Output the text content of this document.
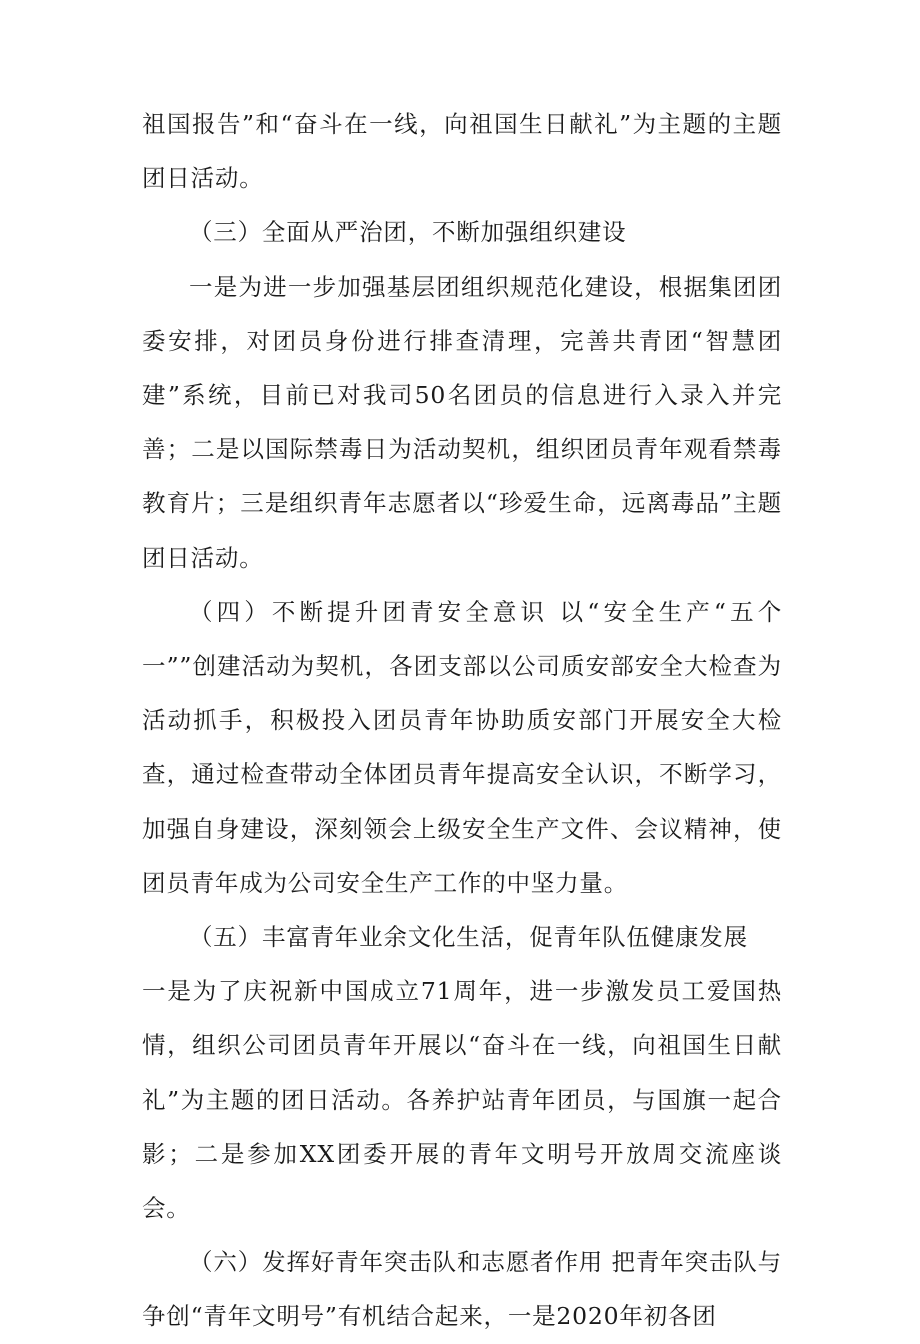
祖国报告”和“奋斗在一线，向祖国生日献礼”为主题的主题团日活动。

（三）全面从严治团，不断加强组织建设

一是为进一步加强基层团组织规范化建设，根据集团团委安排，对团员身份进行排查清理，完善共青团“智慧团建”系统，目前已对我司50名团员的信息进行入录入并完善；二是以国际禁毒日为活动契机，组织团员青年观看禁毒教育片；三是组织青年志愿者以“珍爱生命，远离毒品”主题团日活动。

（四）不断提升团青安全意识 以“安全生产“五个一””创建活动为契机，各团支部以公司质安部安全大检查为活动抓手，积极投入团员青年协助质安部门开展安全大检查，通过检查带动全体团员青年提高安全认识，不断学习，加强自身建设，深刻领会上级安全生产文件、会议精神，使团员青年成为公司安全生产工作的中坚力量。

（五）丰富青年业余文化生活，促青年队伍健康发展

一是为了庆祝新中国成立71周年，进一步激发员工爱国热情，组织公司团员青年开展以“奋斗在一线，向祖国生日献礼”为主题的团日活动。各养护站青年团员，与国旗一起合影；二是参加XX团委开展的青年文明号开放周交流座谈会。

（六）发挥好青年突击队和志愿者作用 把青年突击队与争创“青年文明号”有机结合起来，一是2020年初各团
